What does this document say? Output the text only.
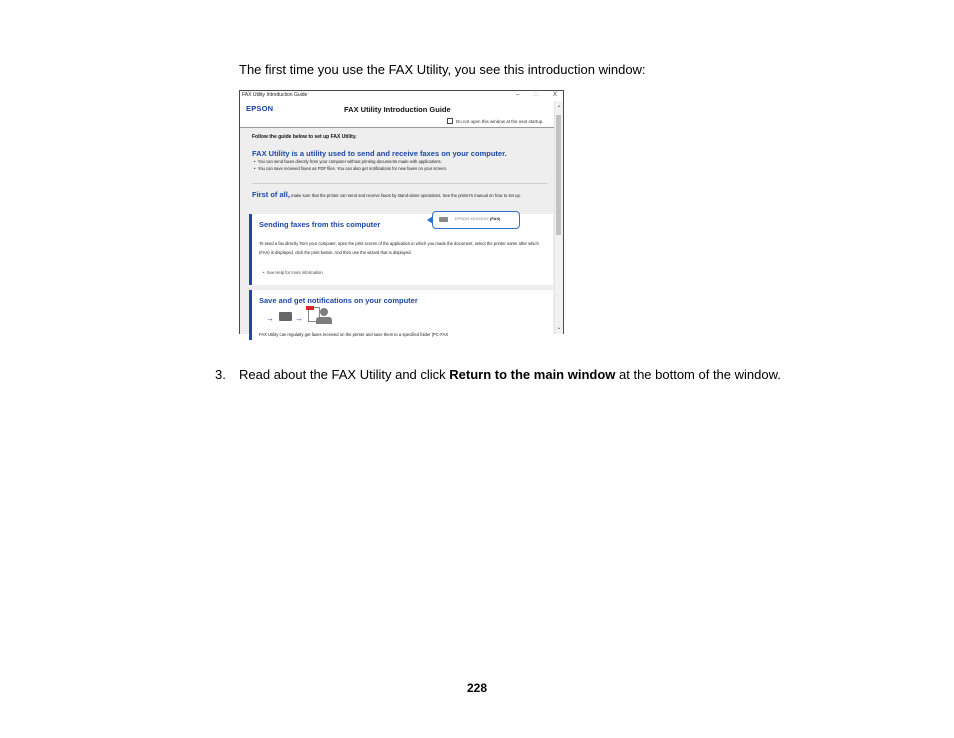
The first time you use the FAX Utility, you see this introduction window:

FAX Utility Introduction Guide	– □	X
EPSON	FAX Utility Introduction Guide
Do not open this window at the next startup.
Follow the guide below to set up FAX Utility.
FAX Utility is a utility used to send and receive faxes on your computer.
•  You can send faxes directly from your computer without printing documents made with applications.
•  You can save received faxes as PDF files. You can also get notifications for new faxes on your screen.
First of all, make sure that the printer can send and receive faxes by stand-alone operations. See the printer's manual on how to set up.
Sending faxes from this computer
EPSON XXXXXXX (FAX)
To send a fax directly from your computer, open the print screen of the application in which you made the document, select the printer name after which (FAX) is displayed, click the print button. And then use the wizard that is displayed.
•  See Help for more information.
Save and get notifications on your computer
→	→
FAX Utility can regularly get faxes received on the printer and save them to a specified folder (PC-FAX
⌃
⌄
3. Read about the FAX Utility and click Return to the main window at the bottom of the window.
228
